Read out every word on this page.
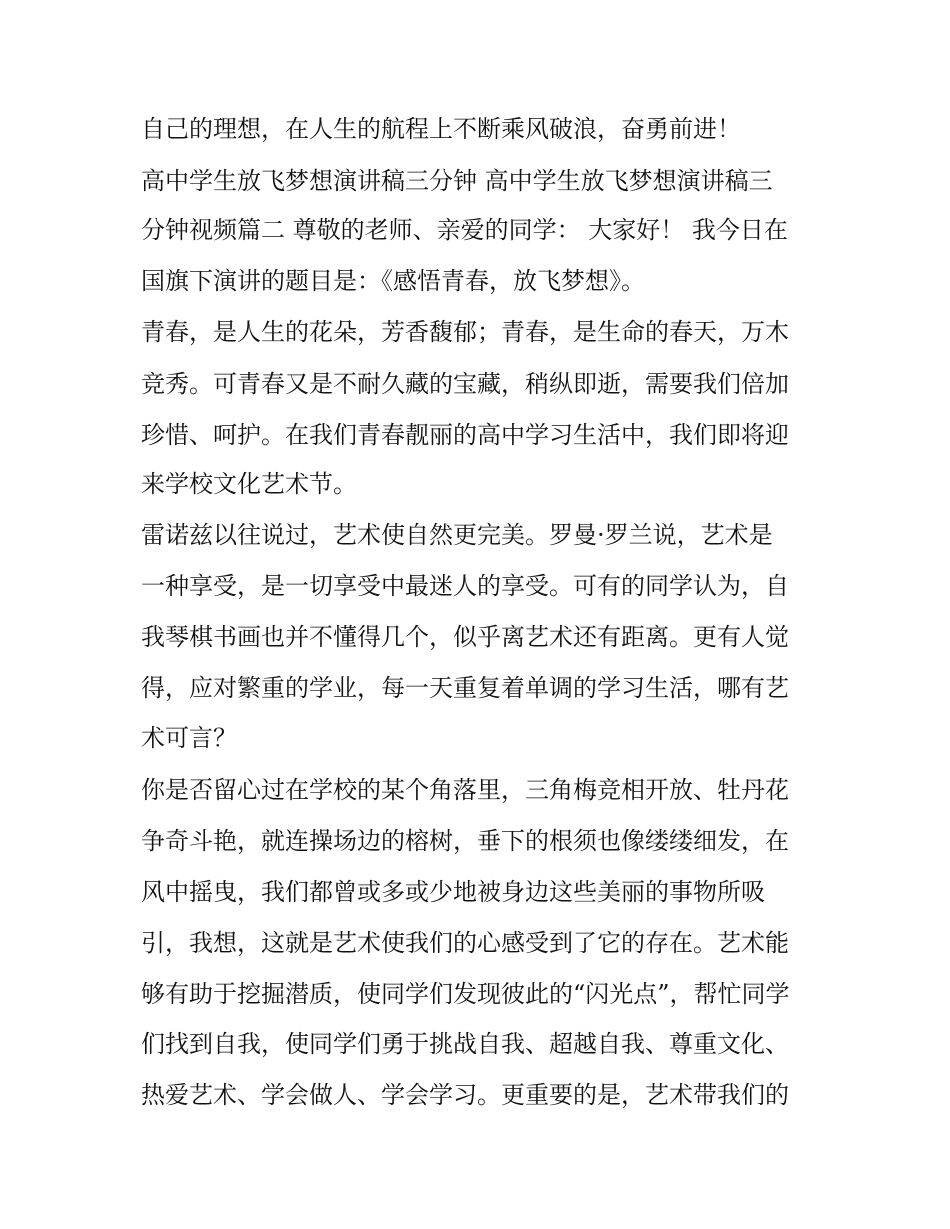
自己的理想，在人生的航程上不断乘风破浪，奋勇前进！
高中学生放飞梦想演讲稿三分钟 高中学生放飞梦想演讲稿三
分钟视频篇二 尊敬的老师、亲爱的同学： 大家好！ 我今日在
国旗下演讲的题目是：《感悟青春，放飞梦想》。
青春，是人生的花朵，芳香馥郁；青春，是生命的春天，万木
竞秀。可青春又是不耐久藏的宝藏，稍纵即逝，需要我们倍加
珍惜、呵护。在我们青春靓丽的高中学习生活中，我们即将迎
来学校文化艺术节。
雷诺兹以往说过，艺术使自然更完美。罗曼·罗兰说，艺术是
一种享受，是一切享受中最迷人的享受。可有的同学认为，自
我琴棋书画也并不懂得几个，似乎离艺术还有距离。更有人觉
得，应对繁重的学业，每一天重复着单调的学习生活，哪有艺
术可言？
你是否留心过在学校的某个角落里，三角梅竞相开放、牡丹花
争奇斗艳，就连操场边的榕树，垂下的根须也像缕缕细发，在
风中摇曳，我们都曾或多或少地被身边这些美丽的事物所吸
引，我想，这就是艺术使我们的心感受到了它的存在。艺术能
够有助于挖掘潜质，使同学们发现彼此的“闪光点”，帮忙同学
们找到自我，使同学们勇于挑战自我、超越自我、尊重文化、
热爱艺术、学会做人、学会学习。更重要的是，艺术带我们的
